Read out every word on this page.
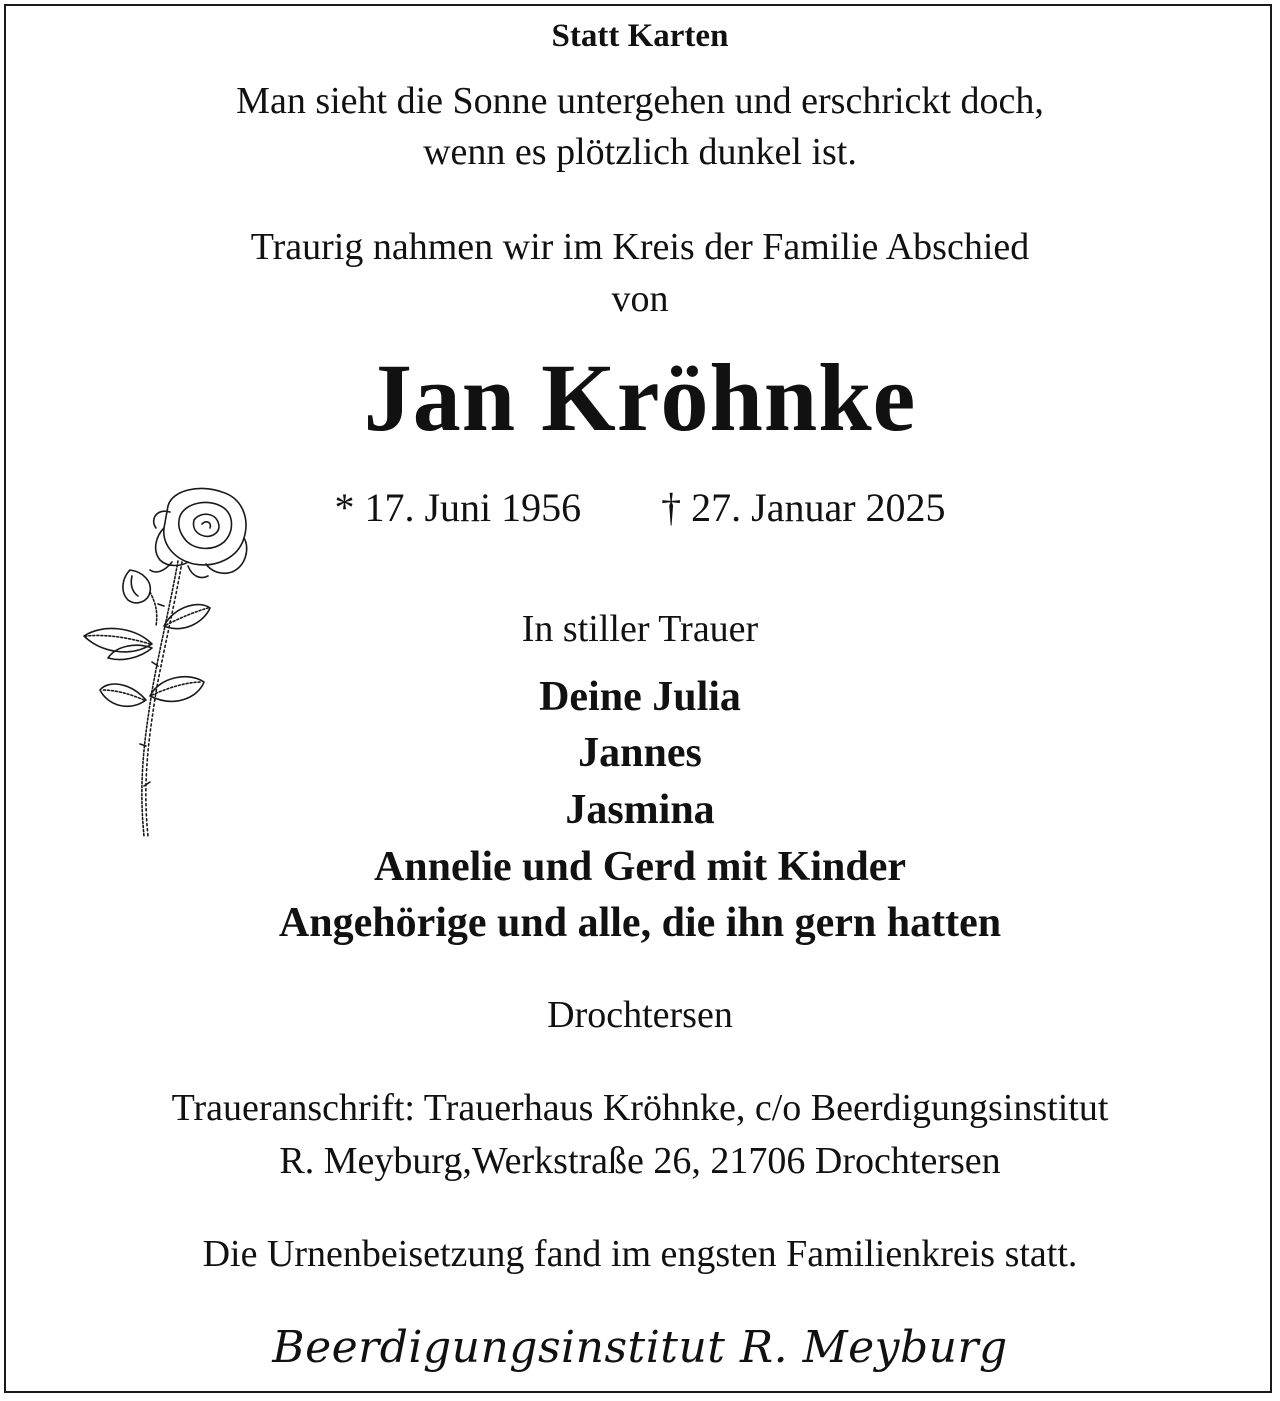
Statt Karten
Man sieht die Sonne untergehen und erschrickt doch,
wenn es plötzlich dunkel ist.
Traurig nahmen wir im Kreis der Familie Abschied
von
Jan Kröhnke
* 17. Juni 1956 † 27. Januar 2025
In stiller Trauer
Deine Julia
Jannes
Jasmina
Annelie und Gerd mit Kinder
Angehörige und alle, die ihn gern hatten
Drochtersen
Traueranschrift: Trauerhaus Kröhnke, c/o Beerdigungsinstitut
R. Meyburg,Werkstraße 26, 21706 Drochtersen
Die Urnenbeisetzung fand im engsten Familienkreis statt.
Beerdigungsinstitut R. Meyburg
